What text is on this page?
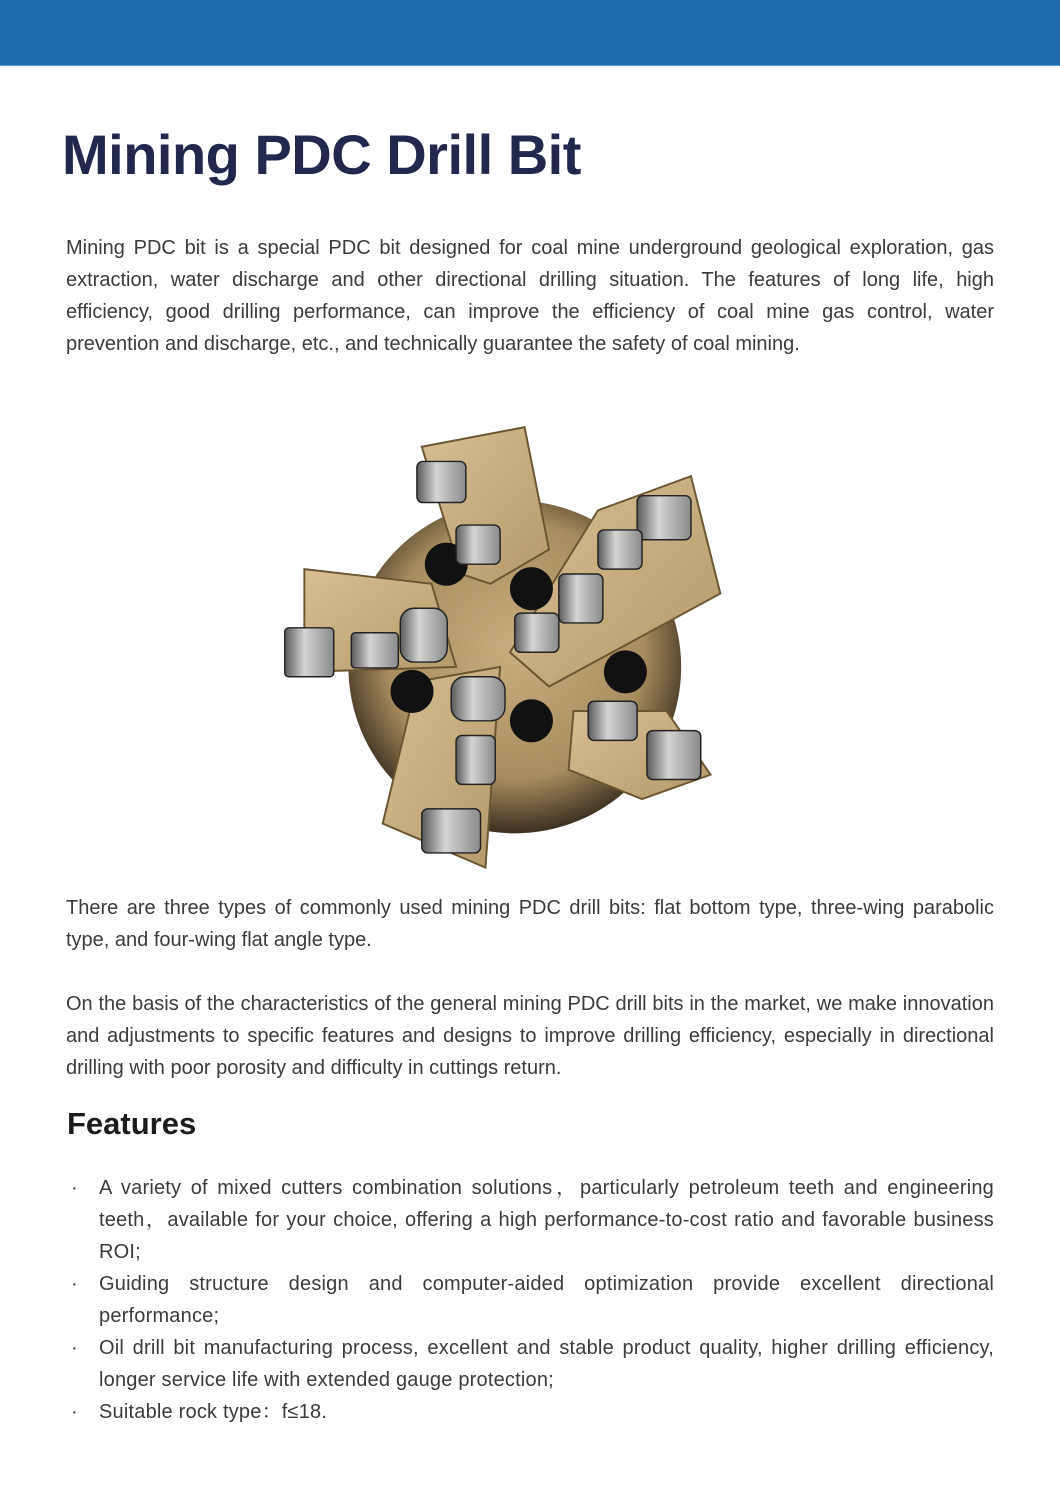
Mining PDC Drill Bit

Mining PDC bit is a special PDC bit designed for coal mine underground geological exploration, gas extraction, water discharge and other directional drilling situation. The features of long life, high efficiency, good drilling performance, can improve the efficiency of coal mine gas control, water prevention and discharge, etc., and technically guarantee the safety of coal mining.

There are three types of commonly used mining PDC drill bits: flat bottom type, three-wing parabolic type, and four-wing flat angle type.

On the basis of the characteristics of the general mining PDC drill bits in the market, we make innovation and adjustments to specific features and designs to improve drilling efficiency, especially in directional drilling with poor porosity and difficulty in cuttings return.

Features
· A variety of mixed cutters combination solutions，particularly petroleum teeth and engineering teeth，available for your choice, offering a high performance-to-cost ratio and favorable business ROI;
· Guiding structure design and computer-aided optimization provide excellent directional performance;
· Oil drill bit manufacturing process, excellent and stable product quality, higher drilling efficiency, longer service life with extended gauge protection;
· Suitable rock type：f≤18.
